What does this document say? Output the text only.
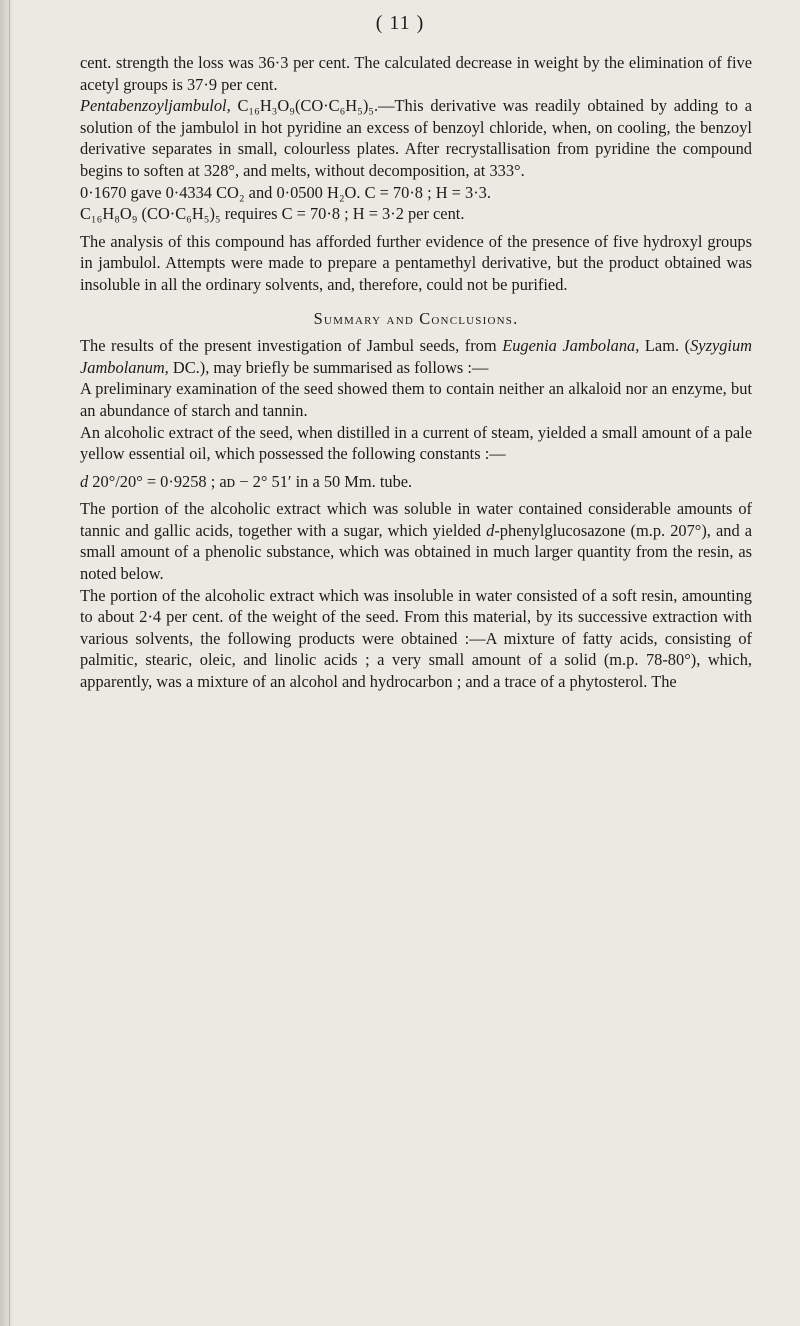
( 11 )

cent. strength the loss was 36·3 per cent. The calculated decrease in weight by the elimination of five acetyl groups is 37·9 per cent.

Pentabenzoyljambulol, C₁₆H₃O₉(CO·C₆H₅)₅.—This derivative was readily obtained by adding to a solution of the jambulol in hot pyridine an excess of benzoyl chloride, when, on cooling, the benzoyl derivative separates in small, colourless plates. After recrystallisation from pyridine the compound begins to soften at 328°, and melts, without decomposition, at 333°.

0·1670 gave 0·4334 CO₂ and 0·0500 H₂O. C = 70·8 ; H = 3·3.

C₁₆H₈O₉ (CO·C₆H₅)₅ requires C = 70·8 ; H = 3·2 per cent.

The analysis of this compound has afforded further evidence of the presence of five hydroxyl groups in jambulol. Attempts were made to prepare a pentamethyl derivative, but the product obtained was insoluble in all the ordinary solvents, and, therefore, could not be purified.

Summary and Conclusions.

The results of the present investigation of Jambul seeds, from Eugenia Jambolana, Lam. (Syzygium Jambolanum, DC.), may briefly be summarised as follows :—

A preliminary examination of the seed showed them to contain neither an alkaloid nor an enzyme, but an abundance of starch and tannin.

An alcoholic extract of the seed, when distilled in a current of steam, yielded a small amount of a pale yellow essential oil, which possessed the following constants :—

d 20°/20° = 0·9258 ; aᴅ − 2° 51′ in a 50 Mm. tube.

The portion of the alcoholic extract which was soluble in water contained considerable amounts of tannic and gallic acids, together with a sugar, which yielded d-phenylglucosazone (m.p. 207°), and a small amount of a phenolic substance, which was obtained in much larger quantity from the resin, as noted below.

The portion of the alcoholic extract which was insoluble in water consisted of a soft resin, amounting to about 2·4 per cent. of the weight of the seed. From this material, by its successive extraction with various solvents, the following products were obtained :—A mixture of fatty acids, consisting of palmitic, stearic, oleic, and linolic acids ; a very small amount of a solid (m.p. 78-80°), which, apparently, was a mixture of an alcohol and hydrocarbon ; and a trace of a phytosterol. The
